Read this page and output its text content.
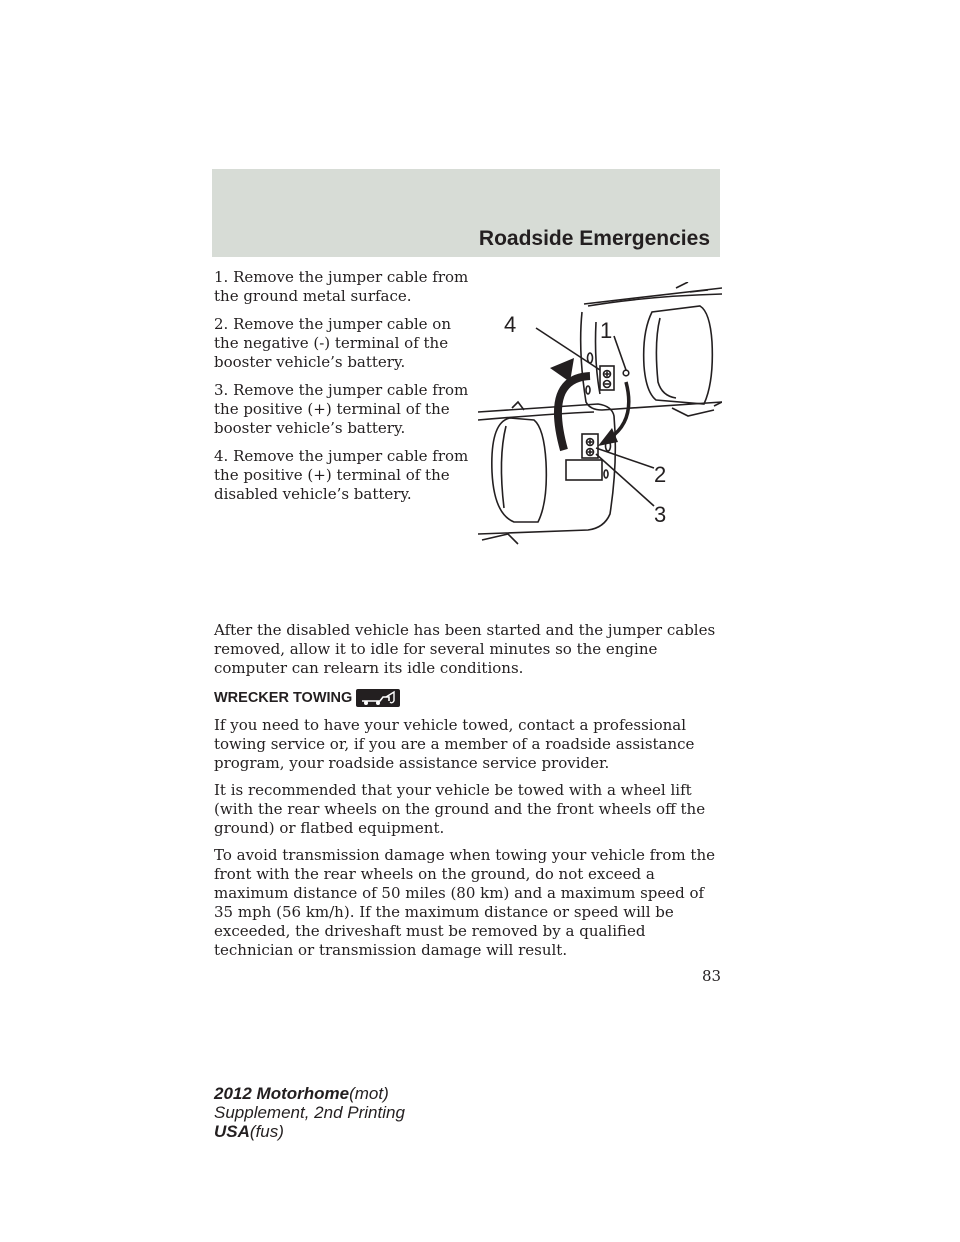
Roadside Emergencies
1. Remove the jumper cable from the ground metal surface.
2. Remove the jumper cable on the negative (-) terminal of the booster vehicle’s battery.
3. Remove the jumper cable from the positive (+) terminal of the booster vehicle’s battery.
4. Remove the jumper cable from the positive (+) terminal of the disabled vehicle’s battery.
4	1
2
3

After the disabled vehicle has been started and the jumper cables removed, allow it to idle for several minutes so the engine computer can relearn its idle conditions.

WRECKER TOWING

If you need to have your vehicle towed, contact a professional towing service or, if you are a member of a roadside assistance program, your roadside assistance service provider.

It is recommended that your vehicle be towed with a wheel lift (with the rear wheels on the ground and the front wheels off the ground) or flatbed equipment.

To avoid transmission damage when towing your vehicle from the front with the rear wheels on the ground, do not exceed a maximum distance of 50 miles (80 km) and a maximum speed of 35 mph (56 km/h). If the maximum distance or speed will be exceeded, the driveshaft must be removed by a qualified technician or transmission damage will result.

83
2012 Motorhome(mot)
Supplement, 2nd Printing
USA(fus)
